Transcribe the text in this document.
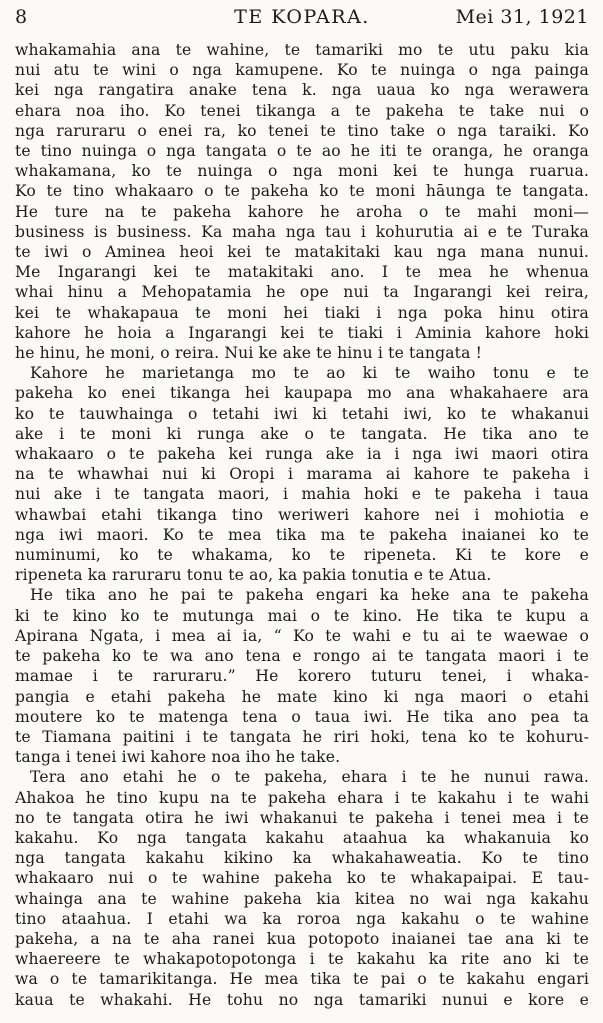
8	TE KOPARA.	Mei 31, 1921
whakamahia ana te wahine, te tamariki mo te utu paku kia
nui atu te wini o nga kamupene. Ko te nuinga o nga painga
kei nga rangatira anake tena k. nga uaua ko nga werawera
ehara noa iho. Ko tenei tikanga a te pakeha te take nui o
nga raruraru o enei ra, ko tenei te tino take o nga taraiki. Ko
te tino nuinga o nga tangata o te ao he iti te oranga, he oranga
whakamana, ko te nuinga o nga moni kei te hunga ruarua.
Ko te tino whakaaro o te pakeha ko te moni hāunga te tangata.
He ture na te pakeha kahore he aroha o te mahi moni—
business is business. Ka maha nga tau i kohurutia ai e te Turaka
te iwi o Aminea heoi kei te matakitaki kau nga mana nunui.
Me Ingarangi kei te matakitaki ano. I te mea he whenua
whai hinu a Mehopatamia he ope nui ta Ingarangi kei reira,
kei te whakapaua te moni hei tiaki i nga poka hinu otira
kahore he hoia a Ingarangi kei te tiaki i Aminia kahore hoki
he hinu, he moni, o reira. Nui ke ake te hinu i te tangata !
Kahore he marietanga mo te ao ki te waiho tonu e te
pakeha ko enei tikanga hei kaupapa mo ana whakahaere ara
ko te tauwhainga o tetahi iwi ki tetahi iwi, ko te whakanui
ake i te moni ki runga ake o te tangata. He tika ano te
whakaaro o te pakeha kei runga ake ia i nga iwi maori otira
na te whawhai nui ki Oropi i marama ai kahore te pakeha i
nui ake i te tangata maori, i mahia hoki e te pakeha i taua
whawbai etahi tikanga tino weriweri kahore nei i mohiotia e
nga iwi maori. Ko te mea tika ma te pakeha inaianei ko te
numinumi, ko te whakama, ko te ripeneta. Ki te kore e
ripeneta ka raruraru tonu te ao, ka pakia tonutia e te Atua.
He tika ano he pai te pakeha engari ka heke ana te pakeha
ki te kino ko te mutunga mai o te kino. He tika te kupu a
Apirana Ngata, i mea ai ia, “ Ko te wahi e tu ai te waewae o
te pakeha ko te wa ano tena e rongo ai te tangata maori i te
mamae i te raruraru.” He korero tuturu tenei, i whaka-
pangia e etahi pakeha he mate kino ki nga maori o etahi
moutere ko te matenga tena o taua iwi. He tika ano pea ta
te Tiamana paitini i te tangata he riri hoki, tena ko te kohuru-
tanga i tenei iwi kahore noa iho he take.
Tera ano etahi he o te pakeha, ehara i te he nunui rawa.
Ahakoa he tino kupu na te pakeha ehara i te kakahu i te wahi
no te tangata otira he iwi whakanui te pakeha i tenei mea i te
kakahu. Ko nga tangata kakahu ataahua ka whakanuia ko
nga tangata kakahu kikino ka whakahaweatia. Ko te tino
whakaaro nui o te wahine pakeha ko te whakapaipai. E tau-
whainga ana te wahine pakeha kia kitea no wai nga kakahu
tino ataahua. I etahi wa ka roroa nga kakahu o te wahine
pakeha, a na te aha ranei kua potopoto inaianei tae ana ki te
whaereere te whakapotopotonga i te kakahu ka rite ano ki te
wa o te tamarikitanga. He mea tika te pai o te kakahu engari
kaua te whakahi. He tohu no nga tamariki nunui e kore e
